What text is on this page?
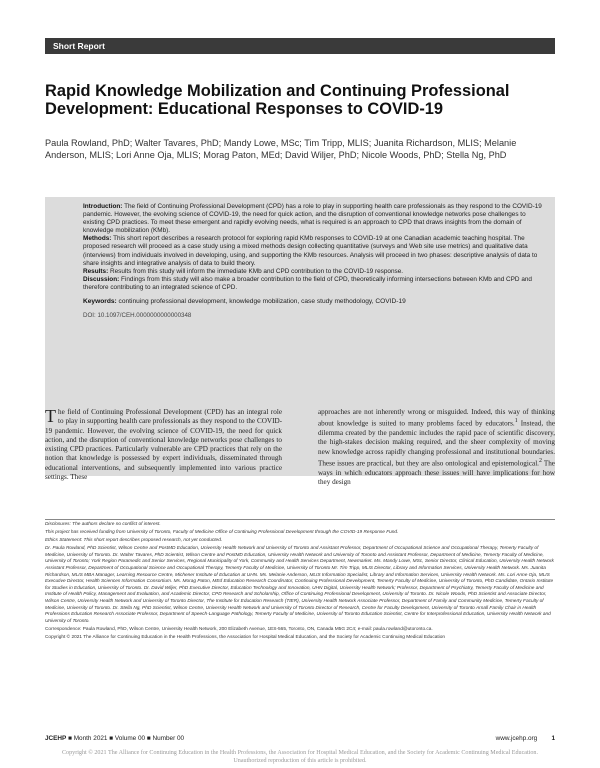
Short Report
Rapid Knowledge Mobilization and Continuing Professional Development: Educational Responses to COVID-19
Paula Rowland, PhD; Walter Tavares, PhD; Mandy Lowe, MSc; Tim Tripp, MLIS; Juanita Richardson, MLIS; Melanie Anderson, MLIS; Lori Anne Oja, MLIS; Morag Paton, MEd; David Wiljer, PhD; Nicole Woods, PhD; Stella Ng, PhD

Introduction: The field of Continuing Professional Development (CPD) has a role to play in supporting health care professionals as they respond to the COVID-19 pandemic. However, the evolving science of COVID-19, the need for quick action, and the disruption of conventional knowledge networks pose challenges to existing CPD practices. To meet these emergent and rapidly evolving needs, what is required is an approach to CPD that draws insights from the domain of knowledge mobilization (KMb).

Methods: This short report describes a research protocol for exploring rapid KMb responses to COVID-19 at one Canadian academic teaching hospital. The proposed research will proceed as a case study using a mixed methods design collecting quantitative (surveys and Web site use metrics) and qualitative data (interviews) from individuals involved in developing, using, and supporting the KMb resources. Analysis will proceed in two phases: descriptive analysis of data to share insights and integrative analysis of data to build theory.

Results: Results from this study will inform the immediate KMb and CPD contribution to the COVID-19 response.

Discussion: Findings from this study will also make a broader contribution to the field of CPD, theoretically informing intersections between KMb and CPD and therefore contributing to an integrated science of CPD.

Keywords: continuing professional development, knowledge mobilization, case study methodology, COVID-19

DOI: 10.1097/CEH.0000000000000348

The field of Continuing Professional Development (CPD) has an integral role to play in supporting health care professionals as they respond to the COVID-19 pandemic. However, the evolving science of COVID-19, the need for quick action, and the disruption of conventional knowledge networks pose challenges to existing CPD practices. Particularly vulnerable are CPD practices that rely on the notion that knowledge is possessed by expert individuals, disseminated through educational interventions, and subsequently implemented into various practice settings. These

approaches are not inherently wrong or misguided. Indeed, this way of thinking about knowledge is suited to many problems faced by educators.$^1$ Instead, the dilemma created by the pandemic includes the rapid pace of scientific discovery, the high-stakes decision making required, and the sheer complexity of moving new knowledge across rapidly changing professional and institutional boundaries. These issues are practical, but they are also ontological and epistemological.$^2$ The ways in which educators approach these issues will have implications for how they design

Disclosures: The authors declare no conflict of interest.

This project has received funding from University of Toronto, Faculty of Medicine Office of Continuing Professional Development through the COVID-19 Response Fund.

Ethics Statement: This short report describes proposed research, not yet conducted.

Dr. Paula Rowland, PhD Scientist, Wilson Centre and PostMD Education, University Health Network and University of Toronto and Assistant Professor, Department of Occupational Science and Occupational Therapy, Temerty Faculty of Medicine, University of Toronto. Dr. Walter Tavares, PhD Scientist, Wilson Centre and PostMD Education, University Health Network and University of Toronto and Assistant Professor, Department of Medicine, Temerty Faculty of Medicine, University of Toronto; York Region Paramedic and Senior Services, Regional Municipality of York, Community and Health Services Department, Newmarket. Ms. Mandy Lowe, MSc, Senior Director, Clinical Education, University Health Network Assistant Professor, Department of Occupational Science and Occupational Therapy, Temerty Faculty of Medicine, University of Toronto Mr. Tim Tripp, MLIS Director, Library and Information Services, University Health Network. Ms. Juanita Richardson, MLIS MBA Manager, Learning Resource Centre, Michener Institute of Education at UHN. Ms. Melanie Anderson, MLIS Information Specialist, Library and Information Services, University Health Network. Ms. Lori Anne Oja, MLIS Executive Director, Health Sciences Information Consortium. Ms. Morag Paton, MEd Education Research Coordinator, Continuing Professional Development, Temerty Faculty of Medicine, University of Toronto, PhD Candidate, Ontario Institute for Studies in Education, University of Toronto. Dr. David Wiljer, PhD Executive Director, Education Technology and Innovation, UHN Digital, University Health Network; Professor, Department of Psychiatry, Temerty Faculty of Medicine and Institute of Health Policy, Management and Evaluation, and Academic Director, CPD Research and Scholarship, Office of Continuing Professional Development, University of Toronto. Dr. Nicole Woods, PhD Scientist and Associate Director, Wilson Centre, University Health Network and University of Toronto Director, The Institute for Education Research (TIER), University Health Network Associate Professor, Department of Family and Community Medicine, Temerty Faculty of Medicine, University of Toronto. Dr. Stella Ng, PhD Scientist, Wilson Centre, University Health Network and University of Toronto Director of Research, Centre for Faculty Development, University of Toronto Arnall Family Chair in Health Professions Education Research Associate Professor, Department of Speech-Language Pathology, Temerty Faculty of Medicine, University of Toronto Education Scientist, Centre for Interprofessional Education, University Health Network and University of Toronto.

Correspondence: Paula Rowland, PhD, Wilson Centre, University Health Network, 200 Elizabeth Avenue, 1ES-565, Toronto, ON, Canada M5G 2C4; e-mail: paula.rowland@utoronto.ca.

Copyright © 2021 The Alliance for Continuing Education in the Health Professions, the Association for Hospital Medical Education, and the Society for Academic Continuing Medical Education

JCEHP ■ Month 2021 ■ Volume 00 ■ Number 00	www.jcehp.org 1
Copyright © 2021 The Alliance for Continuing Education in the Health Professions, the Association for Hospital Medical Education, and the Society for Academic Continuing Medical Education. Unauthorized reproduction of this article is prohibited.
